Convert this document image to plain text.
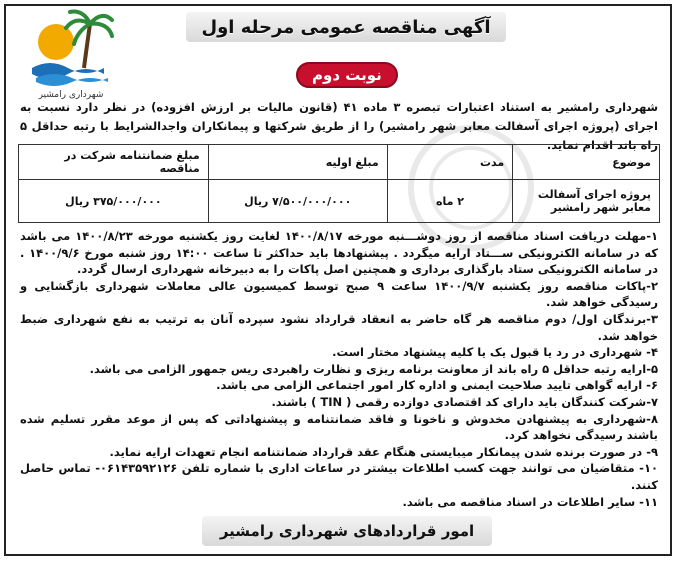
شهرداری رامشیر
آگهی مناقصه عمومی مرحله اول
نوبت دوم
شهرداری رامشیر به استناد اعتبارات تبصره ۳ ماده ۴۱ (قانون مالیات بر ارزش افزوده) در نظر دارد نسبت به اجرای (پروژه اجرای آسفالت معابر شهر رامشیر) را از طریق شرکتها و پیمانکاران واجدالشرایط با رتبه حداقل ۵ راه باند اقدام نماید.
موضوع	مدت	مبلغ اولیه	مبلغ ضمانتنامه شرکت در مناقصه
پروژه اجرای آسفالت معابر شهر رامشیر	۲ ماه	۷/۵۰۰/۰۰۰/۰۰۰ ریال	۳۷۵/۰۰۰/۰۰۰ ریال
۱-مهلت دریافت اسناد مناقصه از روز دوشـــنبه مورخه ۱۴۰۰/۸/۱۷ لغایت روز یکشنبه مورخه ۱۴۰۰/۸/۲۳ می باشد که در سامانه الکترونیکی ســـتاد ارایه میگردد . پیشنهادها باید حداکثر تا ساعت ۱۴:۰۰ روز شنبه مورخ ۱۴۰۰/۹/۶ . در سامانه الکترونیکی ستاد بارگذاری برداری و همچنین اصل پاکات را به دبیرخانه شهرداری ارسال گردد.
۲-پاکات مناقصه روز یکشنبه ۱۴۰۰/۹/۷ ساعت ۹ صبح توسط کمیسیون عالی معاملات شهرداری بازگشایی و رسیدگی خواهد شد.
۳-برندگان اول/ دوم مناقصه هر گاه حاضر به انعقاد قرارداد نشود سپرده آنان به ترتیب به نفع شهرداری ضبط خواهد شد.
۴- شهرداری در رد یا قبول یک یا کلیه پیشنهاد مختار است.
۵-ارایه رتبه حداقل ۵ راه باند از معاونت برنامه ریزی و نظارت راهبردی ریس جمهور الزامی می باشد.
۶- ارایه گواهی تایید صلاحیت ایمنی و اداره کار امور اجتماعی الزامی می باشد.
۷-شرکت کنندگان باید دارای کد اقتصادی دوازده رقمی ( TIN ) باشند.
۸-شهرداری به پیشنهادن مخدوش و ناخونا و فاقد ضمانتنامه و پیشنهاداتی که پس از موعد مقرر تسلیم شده باشند رسیدگی نخواهد کرد.
۹- در صورت برنده شدن پیمانکار میبایستی هنگام عقد قرارداد ضمانتنامه انجام تعهدات ارایه نماید.
۱۰- متقاضیان می توانند جهت کسب اطلاعات بیشتر در ساعات اداری با شماره تلفن ۰۶۱۴۳۵۹۲۱۲۶- تماس حاصل کنند.
۱۱- سایر اطلاعات در اسناد مناقصه می باشد.
امور قراردادهای شهرداری رامشیر
